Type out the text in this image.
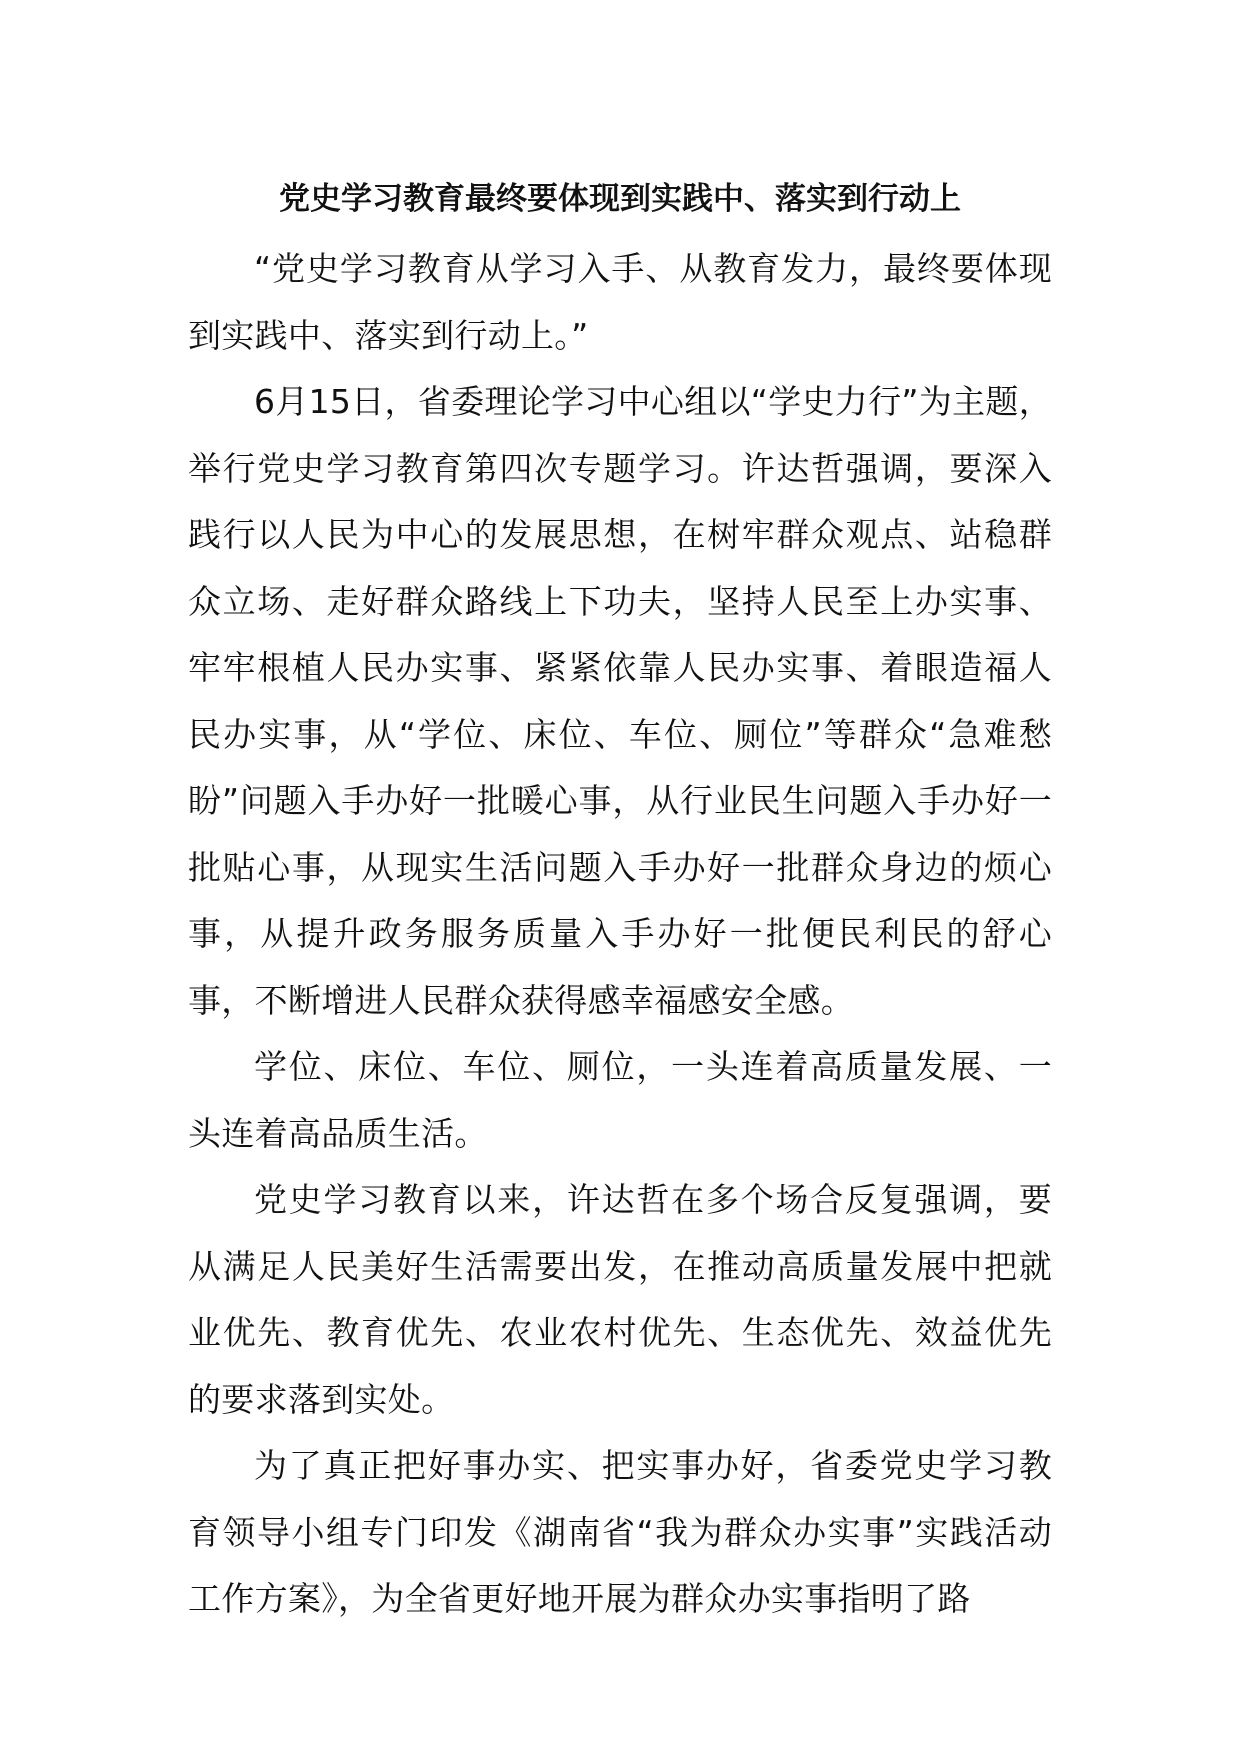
党史学习教育最终要体现到实践中、落实到行动上

“党史学习教育从学习入手、从教育发力，最终要体现到实践中、落实到行动上。”

6月15日，省委理论学习中心组以“学史力行”为主题，举行党史学习教育第四次专题学习。许达哲强调，要深入践行以人民为中心的发展思想，在树牢群众观点、站稳群众立场、走好群众路线上下功夫，坚持人民至上办实事、牢牢根植人民办实事、紧紧依靠人民办实事、着眼造福人民办实事，从“学位、床位、车位、厕位”等群众“急难愁盼”问题入手办好一批暖心事，从行业民生问题入手办好一批贴心事，从现实生活问题入手办好一批群众身边的烦心事，从提升政务服务质量入手办好一批便民利民的舒心事，不断增进人民群众获得感幸福感安全感。

学位、床位、车位、厕位，一头连着高质量发展、一头连着高品质生活。

党史学习教育以来，许达哲在多个场合反复强调，要从满足人民美好生活需要出发，在推动高质量发展中把就业优先、教育优先、农业农村优先、生态优先、效益优先的要求落到实处。

为了真正把好事办实、把实事办好，省委党史学习教育领导小组专门印发《湖南省“我为群众办实事”实践活动工作方案》，为全省更好地开展为群众办实事指明了路
